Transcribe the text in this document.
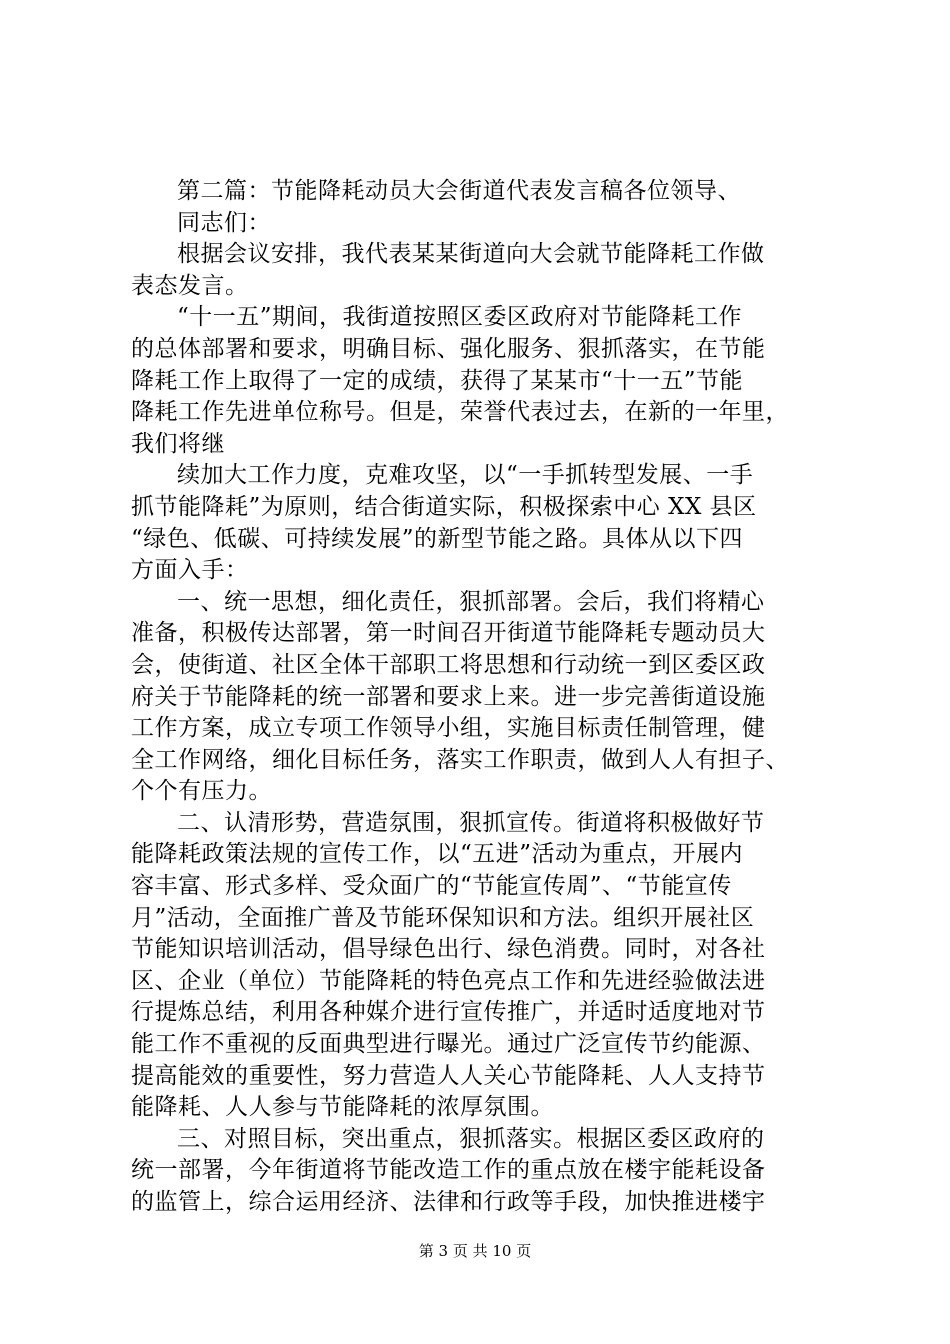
第二篇：节能降耗动员大会街道代表发言稿各位领导、
同志们：
根据会议安排，我代表某某街道向大会就节能降耗工作做
表态发言。
“十一五”期间，我街道按照区委区政府对节能降耗工作
的总体部署和要求，明确目标、强化服务、狠抓落实，在节能
降耗工作上取得了一定的成绩，获得了某某市“十一五”节能
降耗工作先进单位称号。但是，荣誉代表过去，在新的一年里，
我们将继
续加大工作力度，克难攻坚，以“一手抓转型发展、一手
抓节能降耗”为原则，结合街道实际，积极探索中心 XX 县区
“绿色、低碳、可持续发展”的新型节能之路。具体从以下四
方面入手：
一、统一思想，细化责任，狠抓部署。会后，我们将精心
准备，积极传达部署，第一时间召开街道节能降耗专题动员大
会，使街道、社区全体干部职工将思想和行动统一到区委区政
府关于节能降耗的统一部署和要求上来。进一步完善街道设施
工作方案，成立专项工作领导小组，实施目标责任制管理，健
全工作网络，细化目标任务，落实工作职责，做到人人有担子、
个个有压力。
二、认清形势，营造氛围，狠抓宣传。街道将积极做好节
能降耗政策法规的宣传工作，以“五进”活动为重点，开展内
容丰富、形式多样、受众面广的“节能宣传周”、“节能宣传
月”活动，全面推广普及节能环保知识和方法。组织开展社区
节能知识培训活动，倡导绿色出行、绿色消费。同时，对各社
区、企业（单位）节能降耗的特色亮点工作和先进经验做法进
行提炼总结，利用各种媒介进行宣传推广，并适时适度地对节
能工作不重视的反面典型进行曝光。通过广泛宣传节约能源、
提高能效的重要性，努力营造人人关心节能降耗、人人支持节
能降耗、人人参与节能降耗的浓厚氛围。
三、对照目标，突出重点，狠抓落实。根据区委区政府的
统一部署，今年街道将节能改造工作的重点放在楼宇能耗设备
的监管上，综合运用经济、法律和行政等手段，加快推进楼宇
第 3 页 共 10 页
